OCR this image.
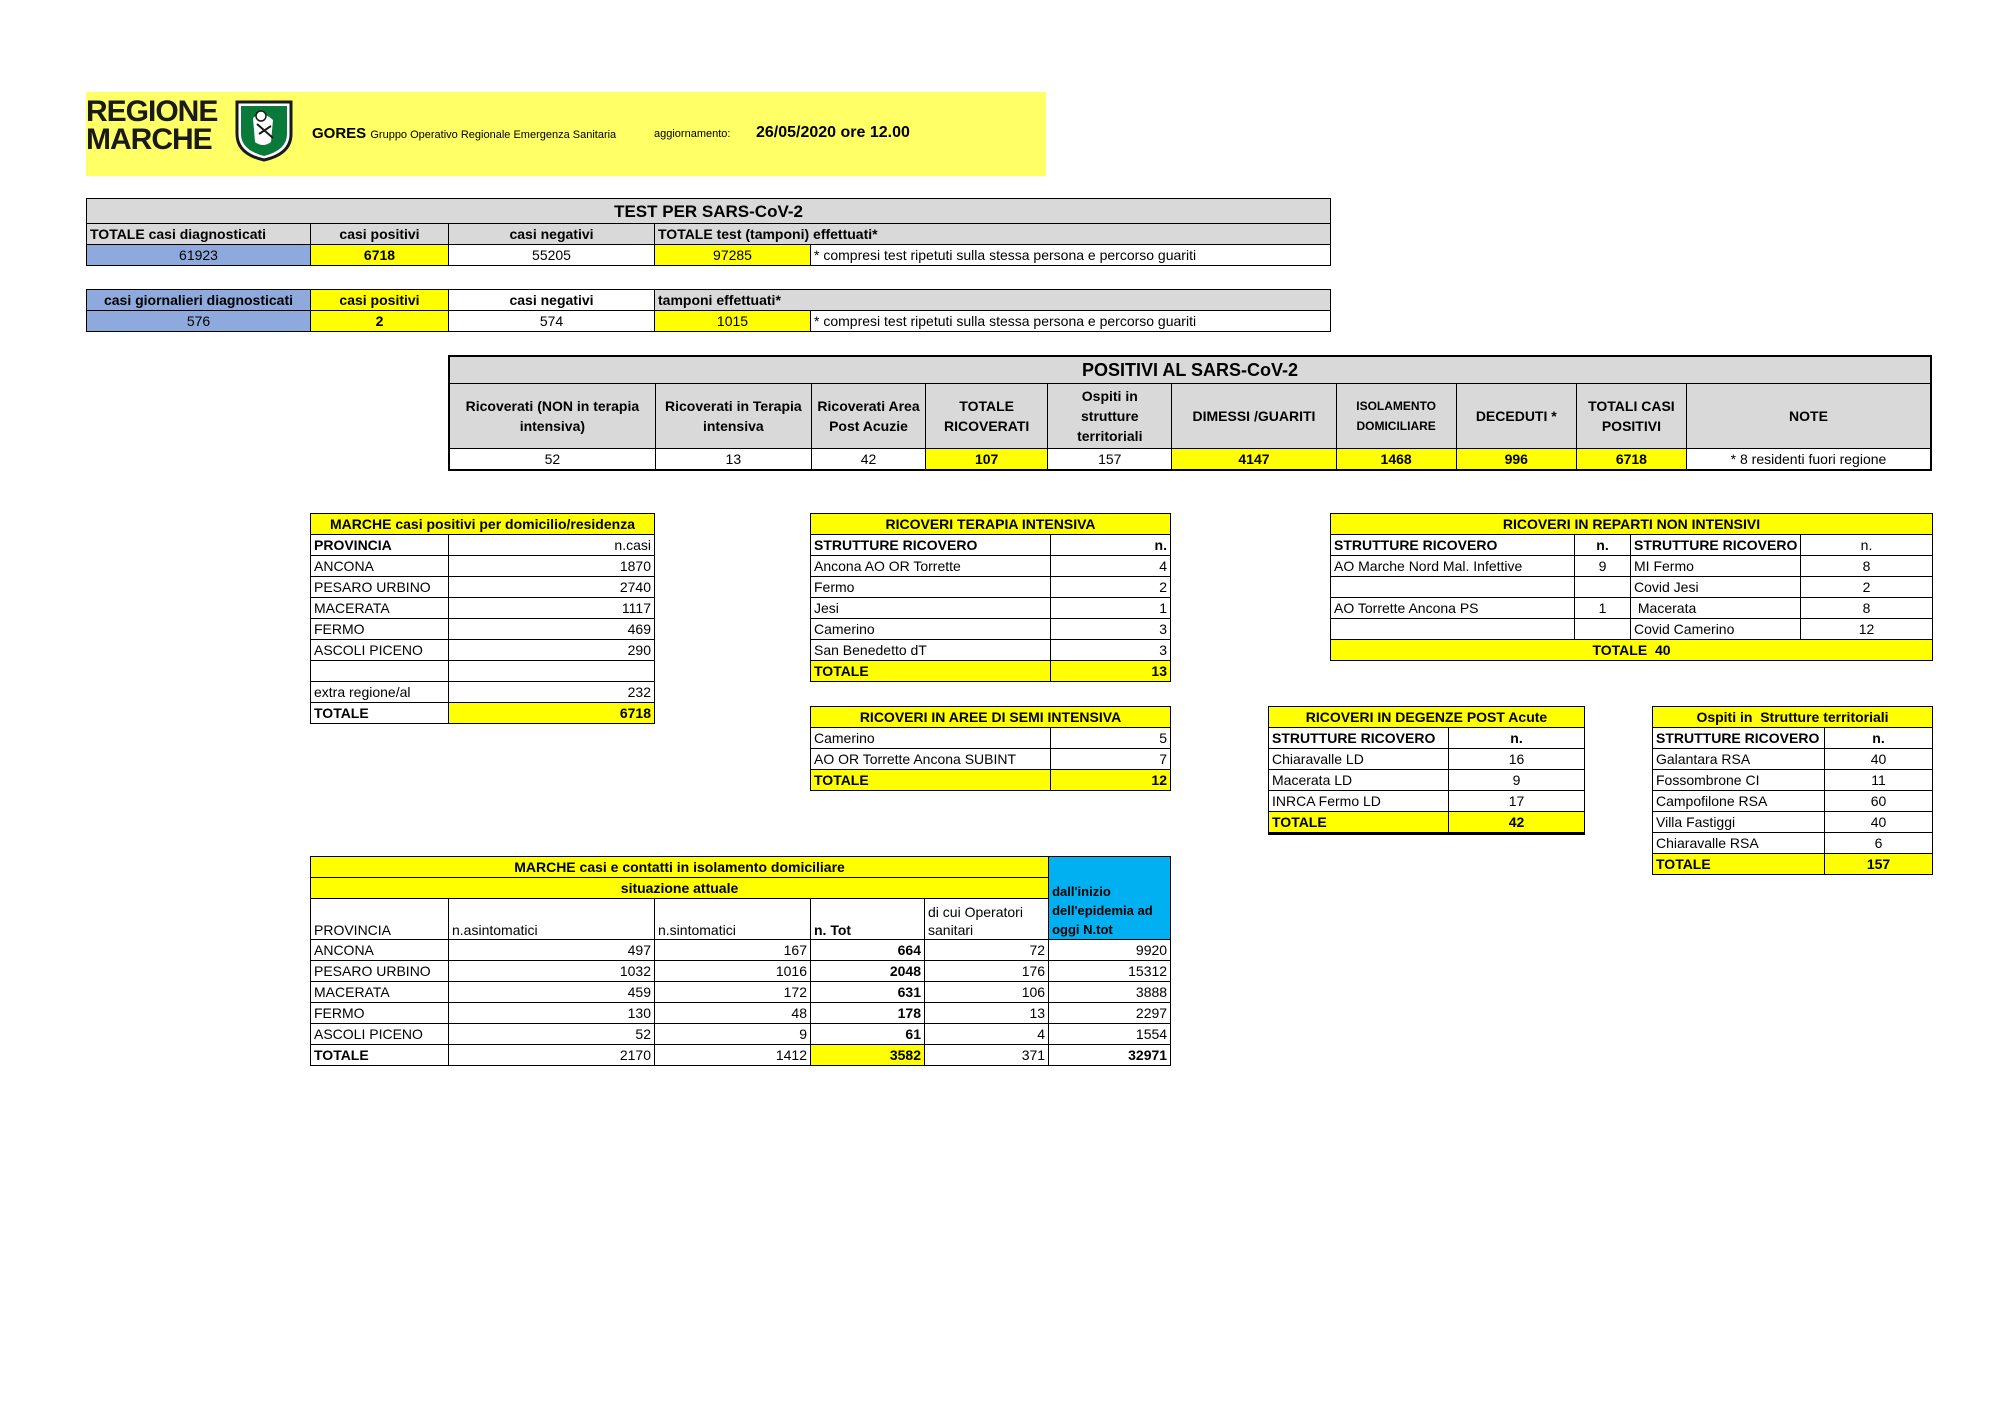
REGIONE
MARCHE	GORES Gruppo Operativo Regionale Emergenza Sanitaria	aggiornamento: 26/05/2020 ore 12.00
TEST PER SARS-CoV-2				
TOTALE casi diagnosticati	casi positivi	casi negativi	TOTALE test (tamponi) effettuati*	
61923	6718	55205	97285	* compresi test ripetuti sulla stessa persona e percorso guariti
casi giornalieri diagnosticati	casi positivi	casi negativi	tamponi effettuati*	
576	2	574	1015	* compresi test ripetuti sulla stessa persona e percorso guariti
POSITIVI AL SARS-CoV-2									
Ricoverati (NON in terapia intensiva)	Ricoverati in Terapia intensiva	Ricoverati Area Post Acuzie	TOTALE RICOVERATI	Ospiti in strutture territoriali	DIMESSI /GUARITI	ISOLAMENTO DOMICILIARE	DECEDUTI *	TOTALI CASI POSITIVI	NOTE
52	13	42	107	157	4147	1468	996	6718	* 8 residenti fuori regione
MARCHE casi positivi per domicilio/residenza	
PROVINCIA	n.casi
ANCONA	1870
PESARO URBINO	2740
MACERATA	1117
FERMO	469
ASCOLI PICENO	290

extra regione/al	232
TOTALE	6718
RICOVERI TERAPIA INTENSIVA	
STRUTTURE RICOVERO	n.
Ancona AO OR Torrette	4
Fermo	2
Jesi	1
Camerino	3
San Benedetto dT	3
TOTALE	13
RICOVERI IN REPARTI NON INTENSIVI			
STRUTTURE RICOVERO	n.	STRUTTURE RICOVERO	n.
AO Marche Nord Mal. Infettive	9	MI Fermo	8
		Covid Jesi	2
AO Torrette Ancona PS	1	Macerata	8
		Covid Camerino	12
TOTALE 40			
RICOVERI IN AREE DI SEMI INTENSIVA	
Camerino	5
AO OR Torrette Ancona SUBINT	7
TOTALE	12
RICOVERI IN DEGENZE POST Acute	
STRUTTURE RICOVERO	n.
Chiaravalle LD	16
Macerata LD	9
INRCA Fermo LD	17
TOTALE	42
Ospiti in  Strutture territoriali	
STRUTTURE RICOVERO	n.
Galantara RSA	40
Fossombrone CI	11
Campofilone RSA	60
Villa Fastiggi	40
Chiaravalle RSA	6
TOTALE	157
MARCHE casi e contatti in isolamento domiciliare					dall'inizio dell'epidemia ad oggi N.tot
situazione attuale					
PROVINCIA	n.asintomatici	n.sintomatici	n. Tot	di cui Operatori sanitari	
ANCONA	497	167	664	72	9920
PESARO URBINO	1032	1016	2048	176	15312
MACERATA	459	172	631	106	3888
FERMO	130	48	178	13	2297
ASCOLI PICENO	52	9	61	4	1554
TOTALE	2170	1412	3582	371	32971
